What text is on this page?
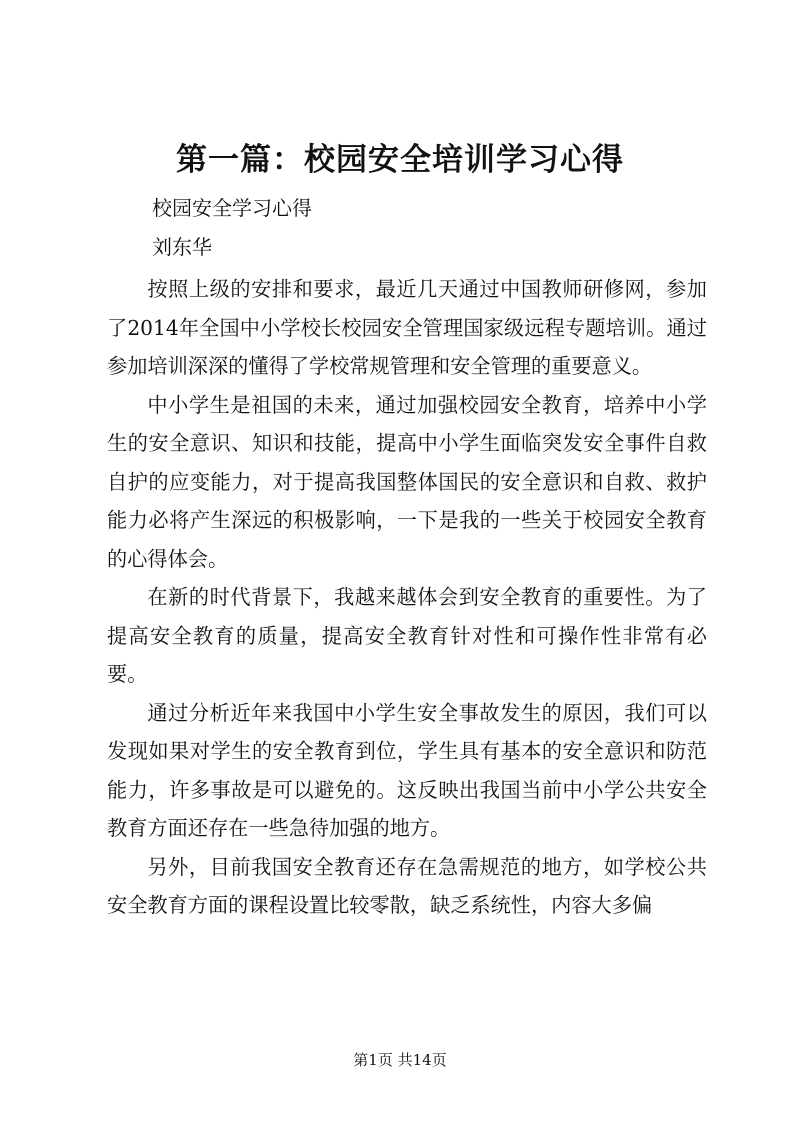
第一篇：校园安全培训学习心得
校园安全学习心得
刘东华

按照上级的安排和要求，最近几天通过中国教师研修网，参加了2014年全国中小学校长校园安全管理国家级远程专题培训。通过参加培训深深的懂得了学校常规管理和安全管理的重要意义。

中小学生是祖国的未来，通过加强校园安全教育，培养中小学生的安全意识、知识和技能，提高中小学生面临突发安全事件自救自护的应变能力，对于提高我国整体国民的安全意识和自救、救护能力必将产生深远的积极影响，一下是我的一些关于校园安全教育的心得体会。

在新的时代背景下，我越来越体会到安全教育的重要性。为了提高安全教育的质量，提高安全教育针对性和可操作性非常有必要。

通过分析近年来我国中小学生安全事故发生的原因，我们可以发现如果对学生的安全教育到位，学生具有基本的安全意识和防范能力，许多事故是可以避免的。这反映出我国当前中小学公共安全教育方面还存在一些急待加强的地方。

另外，目前我国安全教育还存在急需规范的地方，如学校公共安全教育方面的课程设置比较零散，缺乏系统性，内容大多偏

第1页 共14页
